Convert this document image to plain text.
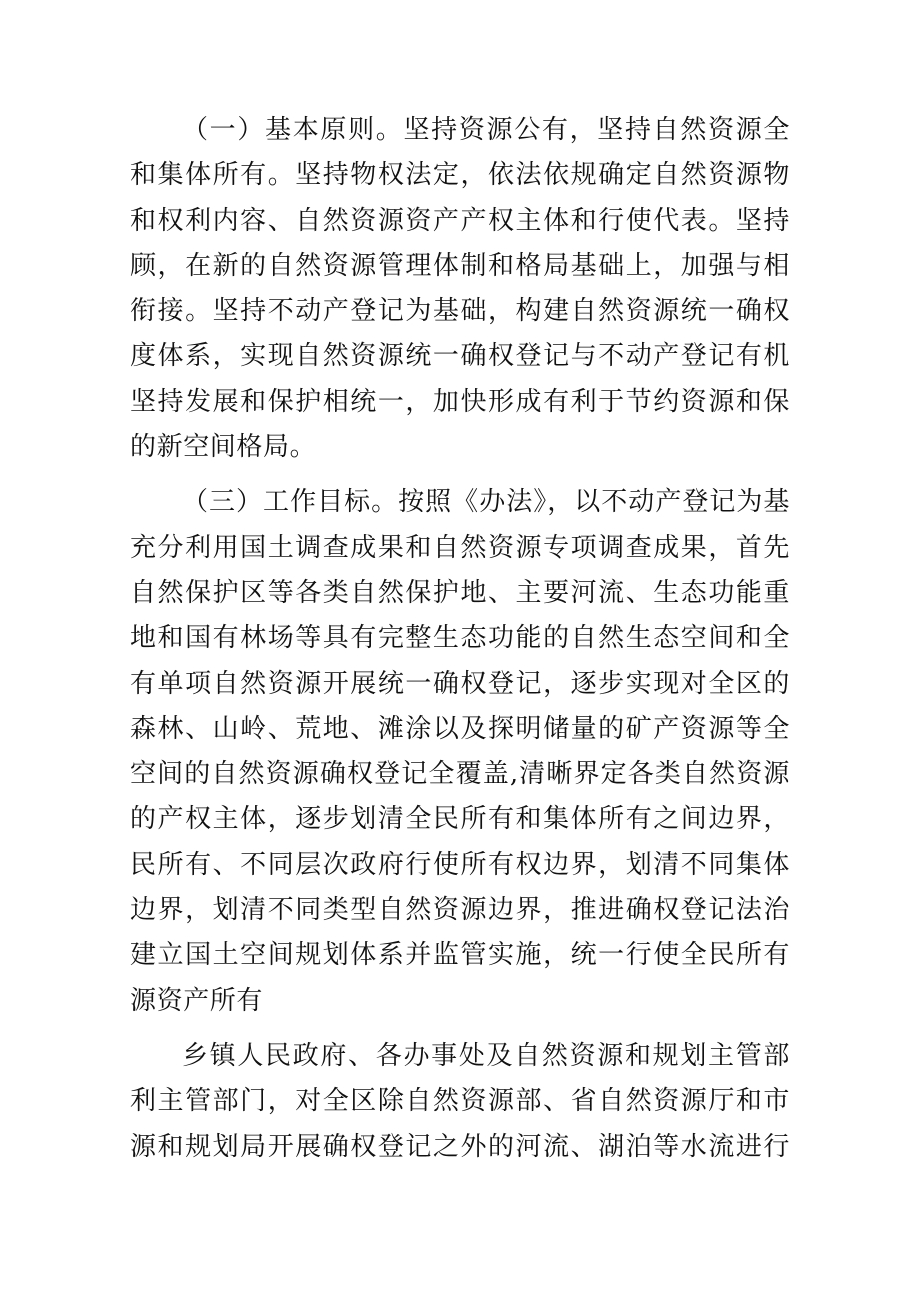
（一）基本原则。坚持资源公有，坚持自然资源全
和集体所有。坚持物权法定，依法依规确定自然资源物
和权利内容、自然资源资产产权主体和行使代表。坚持
顾，在新的自然资源管理体制和格局基础上，加强与相
衔接。坚持不动产登记为基础，构建自然资源统一确权
度体系，实现自然资源统一确权登记与不动产登记有机
坚持发展和保护相统一，加快形成有利于节约资源和保
的新空间格局。
（三）工作目标。按照《办法》，以不动产登记为基
充分利用国土调查成果和自然资源专项调查成果，首先
自然保护区等各类自然保护地、主要河流、生态功能重
地和国有林场等具有完整生态功能的自然生态空间和全
有单项自然资源开展统一确权登记，逐步实现对全区的
森林、山岭、荒地、滩涂以及探明储量的矿产资源等全
空间的自然资源确权登记全覆盖,清晰界定各类自然资源
的产权主体，逐步划清全民所有和集体所有之间边界，
民所有、不同层次政府行使所有权边界，划清不同集体
边界，划清不同类型自然资源边界，推进确权登记法治
建立国土空间规划体系并监管实施，统一行使全民所有
源资产所有
乡镇人民政府、各办事处及自然资源和规划主管部
利主管部门，对全区除自然资源部、省自然资源厅和市
源和规划局开展确权登记之外的河流、湖泊等水流进行
